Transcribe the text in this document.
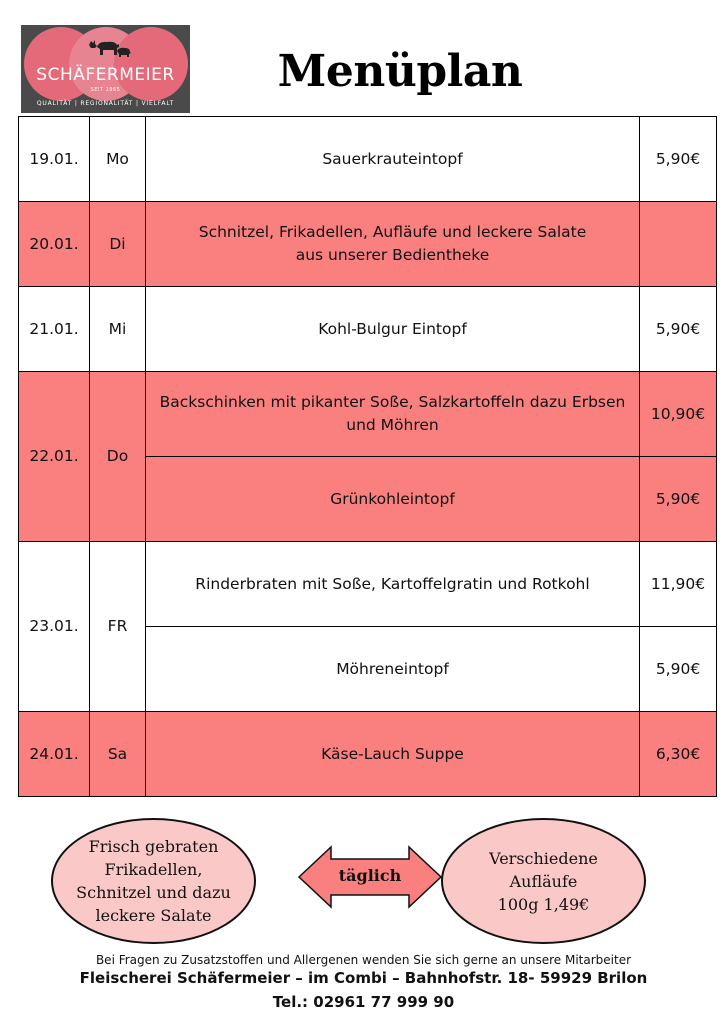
SCHÄFERMEIER
SEIT 1965
QUALITÄT | REGIONALITÄT | VIELFALT
Menüplan
19.01.	Mo	Sauerkrauteintopf	5,90€
20.01.	Di	Schnitzel, Frikadellen, Aufläufe und leckere Salate
aus unserer Bedientheke	
21.01.	Mi	Kohl-Bulgur Eintopf	5,90€
22.01.	Do	Backschinken mit pikanter Soße, Salzkartoffeln dazu Erbsen und Möhren	10,90€
		Grünkohleintopf	5,90€
23.01.	FR	Rinderbraten mit Soße, Kartoffelgratin und Rotkohl	11,90€
		Möhreneintopf	5,90€
24.01.	Sa	Käse-Lauch Suppe	6,30€
Frisch gebraten
Frikadellen,
Schnitzel und dazu
leckere Salate
täglich
Verschiedene
Aufläufe
100g 1,49€
Bei Fragen zu Zusatzstoffen und Allergenen wenden Sie sich gerne an unsere Mitarbeiter
Fleischerei Schäfermeier – im Combi – Bahnhofstr. 18- 59929 Brilon
Tel.: 02961 77 999 90
